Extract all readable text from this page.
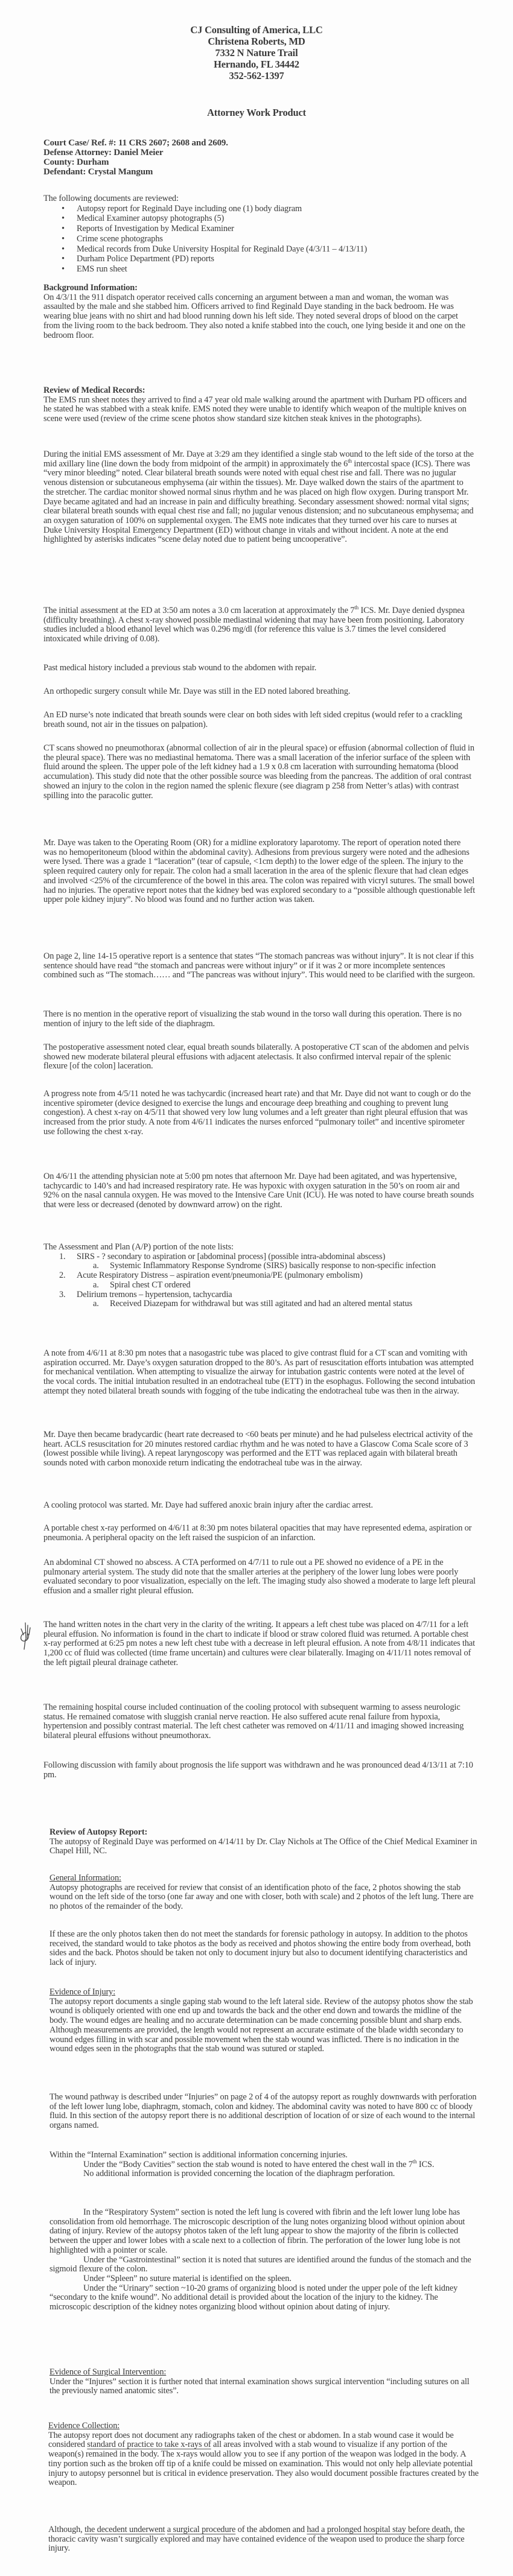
CJ Consulting of America, LLC
Christena Roberts, MD
7332 N Nature Trail
Hernando, FL 34442
352-562-1397
Attorney Work Product
Court Case/ Ref. #: 11 CRS 2607; 2608 and 2609.
Defense Attorney: Daniel Meier
County: Durham
Defendant: Crystal Mangum

The following documents are reviewed:

• Autopsy report for Reginald Daye including one (1) body diagram
• Medical Examiner autopsy photographs (5)
• Reports of Investigation by Medical Examiner
• Crime scene photographs
• Medical records from Duke University Hospital for Reginald Daye (4/3/11 – 4/13/11)
• Durham Police Department (PD) reports
• EMS run sheet

Background Information:

On 4/3/11 the 911 dispatch operator received calls concerning an argument between a man and woman, the woman was assaulted by the male and she stabbed him. Officers arrived to find Reginald Daye standing in the back bedroom. He was wearing blue jeans with no shirt and had blood running down his left side. They noted several drops of blood on the carpet from the living room to the back bedroom. They also noted a knife stabbed into the couch, one lying beside it and one on the bedroom floor.

Review of Medical Records:

The EMS run sheet notes they arrived to find a 47 year old male walking around the apartment with Durham PD officers and he stated he was stabbed with a steak knife. EMS noted they were unable to identify which weapon of the multiple knives on scene were used (review of the crime scene photos show standard size kitchen steak knives in the photographs).

During the initial EMS assessment of Mr. Daye at 3:29 am they identified a single stab wound to the left side of the torso at the mid axillary line (line down the body from midpoint of the armpit) in approximately the 6th intercostal space (ICS). There was “very minor bleeding” noted. Clear bilateral breath sounds were noted with equal chest rise and fall. There was no jugular venous distension or subcutaneous emphysema (air within the tissues). Mr. Daye walked down the stairs of the apartment to the stretcher. The cardiac monitor showed normal sinus rhythm and he was placed on high flow oxygen. During transport Mr. Daye became agitated and had an increase in pain and difficulty breathing. Secondary assessment showed: normal vital signs; clear bilateral breath sounds with equal chest rise and fall; no jugular venous distension; and no subcutaneous emphysema; and an oxygen saturation of 100% on supplemental oxygen. The EMS note indicates that they turned over his care to nurses at Duke University Hospital Emergency Department (ED) without change in vitals and without incident. A note at the end highlighted by asterisks indicates “scene delay noted due to patient being uncooperative”.

The initial assessment at the ED at 3:50 am notes a 3.0 cm laceration at approximately the 7th ICS. Mr. Daye denied dyspnea (difficulty breathing). A chest x-ray showed possible mediastinal widening that may have been from positioning. Laboratory studies included a blood ethanol level which was 0.296 mg/dl (for reference this value is 3.7 times the level considered intoxicated while driving of 0.08).

Past medical history included a previous stab wound to the abdomen with repair.
An orthopedic surgery consult while Mr. Daye was still in the ED noted labored breathing.
An ED nurse’s note indicated that breath sounds were clear on both sides with left sided crepitus (would refer to a crackling breath sound, not air in the tissues on palpation).
CT scans showed no pneumothorax (abnormal collection of air in the pleural space) or effusion (abnormal collection of fluid in the pleural space). There was no mediastinal hematoma. There was a small laceration of the inferior surface of the spleen with fluid around the spleen. The upper pole of the left kidney had a 1.9 x 0.8 cm laceration with surrounding hematoma (blood accumulation). This study did note that the other possible source was bleeding from the pancreas. The addition of oral contrast showed an injury to the colon in the region named the splenic flexure (see diagram p 258 from Netter’s atlas) with contrast spilling into the paracolic gutter.
Mr. Daye was taken to the Operating Room (OR) for a midline exploratory laparotomy. The report of operation noted there was no hemoperitoneum (blood within the abdominal cavity). Adhesions from previous surgery were noted and the adhesions were lysed. There was a grade 1 “laceration” (tear of capsule, <1cm depth) to the lower edge of the spleen. The injury to the spleen required cautery only for repair. The colon had a small laceration in the area of the splenic flexure that had clean edges and involved <25% of the circumference of the bowel in this area. The colon was repaired with vicryl sutures. The small bowel had no injuries. The operative report notes that the kidney bed was explored secondary to a “possible although questionable left upper pole kidney injury”. No blood was found and no further action was taken.
On page 2, line 14-15 operative report is a sentence that states “The stomach pancreas was without injury”. It is not clear if this sentence should have read “the stomach and pancreas were without injury” or if it was 2 or more incomplete sentences combined such as “The stomach…… and “The pancreas was without injury”. This would need to be clarified with the surgeon.
There is no mention in the operative report of visualizing the stab wound in the torso wall during this operation. There is no mention of injury to the left side of the diaphragm.
The postoperative assessment noted clear, equal breath sounds bilaterally. A postoperative CT scan of the abdomen and pelvis showed new moderate bilateral pleural effusions with adjacent atelectasis. It also confirmed interval repair of the splenic flexure [of the colon] laceration.
A progress note from 4/5/11 noted he was tachycardic (increased heart rate) and that Mr. Daye did not want to cough or do the incentive spirometer (device designed to exercise the lungs and encourage deep breathing and coughing to prevent lung congestion). A chest x-ray on 4/5/11 that showed very low lung volumes and a left greater than right pleural effusion that was increased from the prior study. A note from 4/6/11 indicates the nurses enforced “pulmonary toilet” and incentive spirometer use following the chest x-ray.
On 4/6/11 the attending physician note at 5:00 pm notes that afternoon Mr. Daye had been agitated, and was hypertensive, tachycardic to 140’s and had increased respiratory rate. He was hypoxic with oxygen saturation in the 50’s on room air and 92% on the nasal cannula oxygen. He was moved to the Intensive Care Unit (ICU). He was noted to have course breath sounds that were less or decreased (denoted by downward arrow) on the right.

The Assessment and Plan (A/P) portion of the note lists:

1. SIRS - ? secondary to aspiration or [abdominal process] (possible intra-abdominal abscess)
a. Systemic Inflammatory Response Syndrome (SIRS) basically response to non-specific infection
2. Acute Respiratory Distress – aspiration event/pneumonia/PE (pulmonary embolism)
a. Spiral chest CT ordered
3. Delirium tremons – hypertension, tachycardia
a. Received Diazepam for withdrawal but was still agitated and had an altered mental status
A note from 4/6/11 at 8:30 pm notes that a nasogastric tube was placed to give contrast fluid for a CT scan and vomiting with aspiration occurred. Mr. Daye’s oxygen saturation dropped to the 80’s. As part of resuscitation efforts intubation was attempted for mechanical ventilation. When attempting to visualize the airway for intubation gastric contents were noted at the level of the vocal cords. The initial intubation resulted in an endotracheal tube (ETT) in the esophagus. Following the second intubation attempt they noted bilateral breath sounds with fogging of the tube indicating the endotracheal tube was then in the airway.
Mr. Daye then became bradycardic (heart rate decreased to <60 beats per minute) and he had pulseless electrical activity of the heart. ACLS resuscitation for 20 minutes restored cardiac rhythm and he was noted to have a Glascow Coma Scale score of 3 (lowest possible while living). A repeat laryngoscopy was performed and the ETT was replaced again with bilateral breath sounds noted with carbon monoxide return indicating the endotracheal tube was in the airway.
A cooling protocol was started. Mr. Daye had suffered anoxic brain injury after the cardiac arrest.
A portable chest x-ray performed on 4/6/11 at 8:30 pm notes bilateral opacities that may have represented edema, aspiration or pneumonia. A peripheral opacity on the left raised the suspicion of an infarction.
An abdominal CT showed no abscess. A CTA performed on 4/7/11 to rule out a PE showed no evidence of a PE in the pulmonary arterial system. The study did note that the smaller arteries at the periphery of the lower lung lobes were poorly evaluated secondary to poor visualization, especially on the left. The imaging study also showed a moderate to large left pleural effusion and a smaller right pleural effusion.
The hand written notes in the chart very in the clarity of the writing. It appears a left chest tube was placed on 4/7/11 for a left pleural effusion. No information is found in the chart to indicate if blood or straw colored fluid was returned. A portable chest x-ray performed at 6:25 pm notes a new left chest tube with a decrease in left pleural effusion. A note from 4/8/11 indicates that 1,200 cc of fluid was collected (time frame uncertain) and cultures were clear bilaterally. Imaging on 4/11/11 notes removal of the left pigtail pleural drainage catheter.
The remaining hospital course included continuation of the cooling protocol with subsequent warming to assess neurologic status. He remained comatose with sluggish cranial nerve reaction. He also suffered acute renal failure from hypoxia, hypertension and possibly contrast material. The left chest catheter was removed on 4/11/11 and imaging showed increasing bilateral pleural effusions without pneumothorax.
Following discussion with family about prognosis the life support was withdrawn and he was pronounced dead 4/13/11 at 7:10 pm.

Review of Autopsy Report:

The autopsy of Reginald Daye was performed on 4/14/11 by Dr. Clay Nichols at The Office of the Chief Medical Examiner in Chapel Hill, NC.

General Information:

Autopsy photographs are received for review that consist of an identification photo of the face, 2 photos showing the stab wound on the left side of the torso (one far away and one with closer, both with scale) and 2 photos of the left lung. There are no photos of the remainder of the body.

If these are the only photos taken then do not meet the standards for forensic pathology in autopsy. In addition to the photos received, the standard would to take photos as the body as received and photos showing the entire body from overhead, both sides and the back. Photos should be taken not only to document injury but also to document identifying characteristics and lack of injury.

Evidence of Injury:

The autopsy report documents a single gaping stab wound to the left lateral side. Review of the autopsy photos show the stab wound is obliquely oriented with one end up and towards the back and the other end down and towards the midline of the body. The wound edges are healing and no accurate determination can be made concerning possible blunt and sharp ends. Although measurements are provided, the length would not represent an accurate estimate of the blade width secondary to wound edges filling in with scar and possible movement when the stab wound was inflicted. There is no indication in the wound edges seen in the photographs that the stab wound was sutured or stapled.

The wound pathway is described under “Injuries” on page 2 of 4 of the autopsy report as roughly downwards with perforation of the left lower lung lobe, diaphragm, stomach, colon and kidney. The abdominal cavity was noted to have 800 cc of bloody fluid. In this section of the autopsy report there is no additional description of location of or size of each wound to the internal organs named.

Within the “Internal Examination” section is additional information concerning injuries.

Under the “Body Cavities” section the stab wound is noted to have entered the chest wall in the 7th ICS.

No additional information is provided concerning the location of the diaphragm perforation.

In the “Respiratory System” section is noted the left lung is covered with fibrin and the left lower lung lobe has consolidation from old hemorrhage. The microscopic description of the lung notes organizing blood without opinion about dating of injury. Review of the autopsy photos taken of the left lung appear to show the majority of the fibrin is collected between the upper and lower lobes with a scale next to a collection of fibrin. The perforation of the lower lung lobe is not highlighted with a pointer or scale.

Under the “Gastrointestinal” section it is noted that sutures are identified around the fundus of the stomach and the sigmoid flexure of the colon.

Under “Spleen” no suture material is identified on the spleen.

Under the “Urinary” section ~10-20 grams of organizing blood is noted under the upper pole of the left kidney “secondary to the knife wound”. No additional detail is provided about the location of the injury to the kidney. The microscopic description of the kidney notes organizing blood without opinion about dating of injury.

Evidence of Surgical Intervention:

Under the “Injures” section it is further noted that internal examination shows surgical intervention “including sutures on all the previously named anatomic sites”.

Evidence Collection:

The autopsy report does not document any radiographs taken of the chest or abdomen. In a stab wound case it would be considered standard of practice to take x-rays of all areas involved with a stab wound to visualize if any portion of the weapon(s) remained in the body. The x-rays would allow you to see if any portion of the weapon was lodged in the body. A tiny portion such as the broken off tip of a knife could be missed on examination. This would not only help alleviate potential injury to autopsy personnel but is critical in evidence preservation. They also would document possible fractures created by the weapon.

Although, the decedent underwent a surgical procedure of the abdomen and had a prolonged hospital stay before death, the thoracic cavity wasn’t surgically explored and may have contained evidence of the weapon used to produce the sharp force injury.
